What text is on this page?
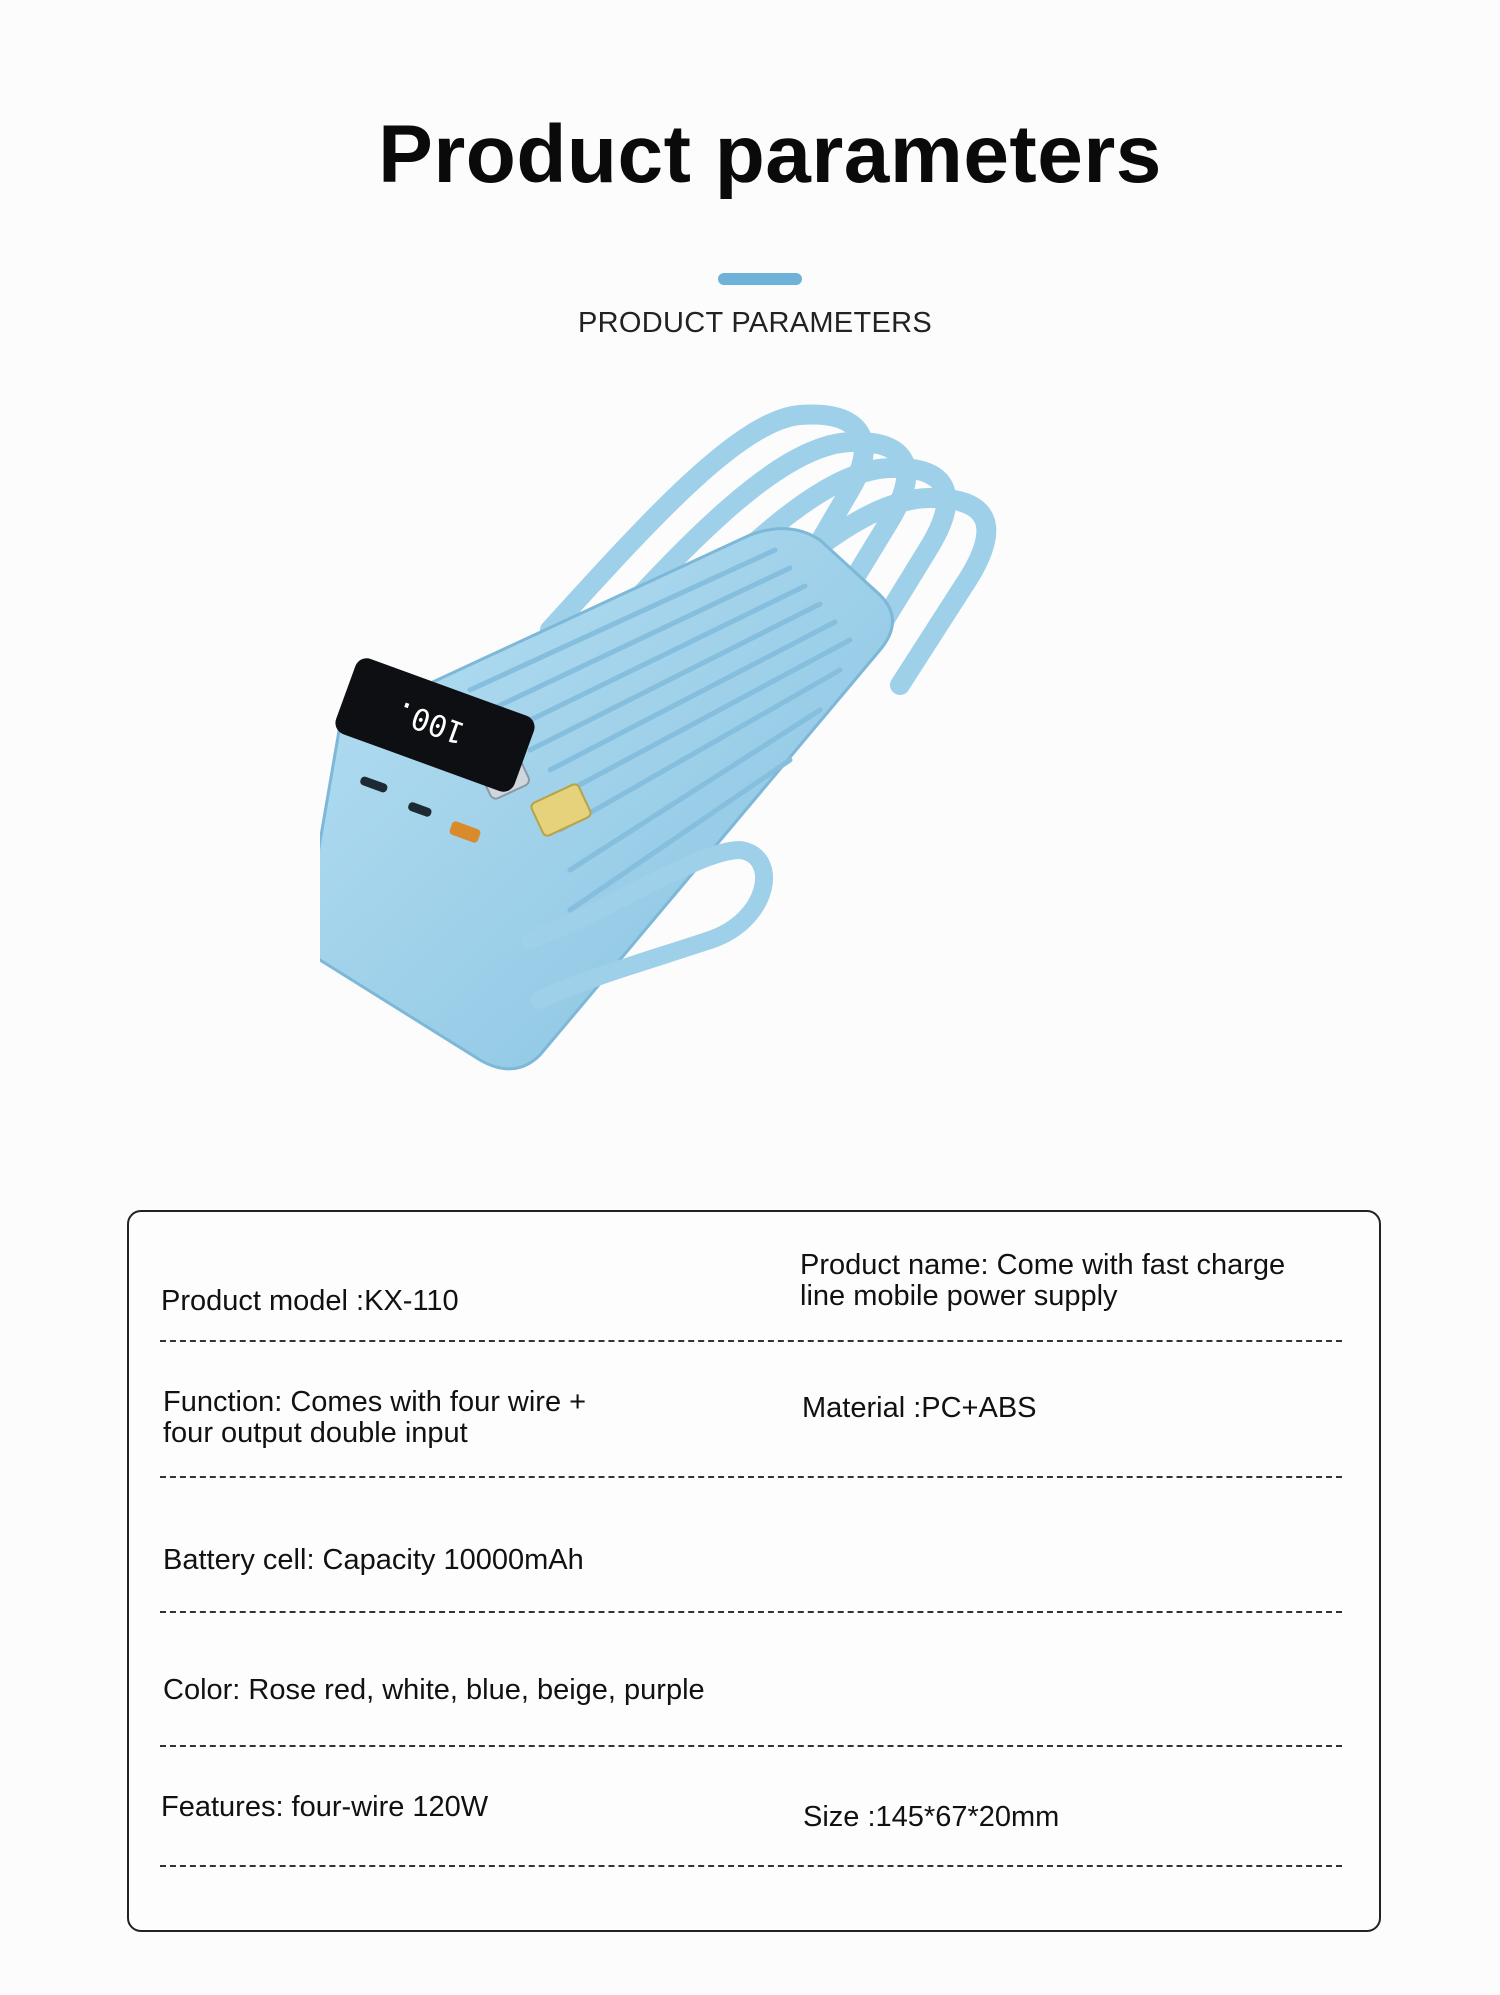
Product parameters
PRODUCT PARAMETERS
100.
Product model :KX-110
Product name: Come with fast charge
line mobile power supply
Function: Comes with four wire +
four output double input
Material :PC+ABS
Battery cell: Capacity 10000mAh
Color: Rose red, white, blue, beige, purple
Features: four-wire 120W	Size :145*67*20mm
